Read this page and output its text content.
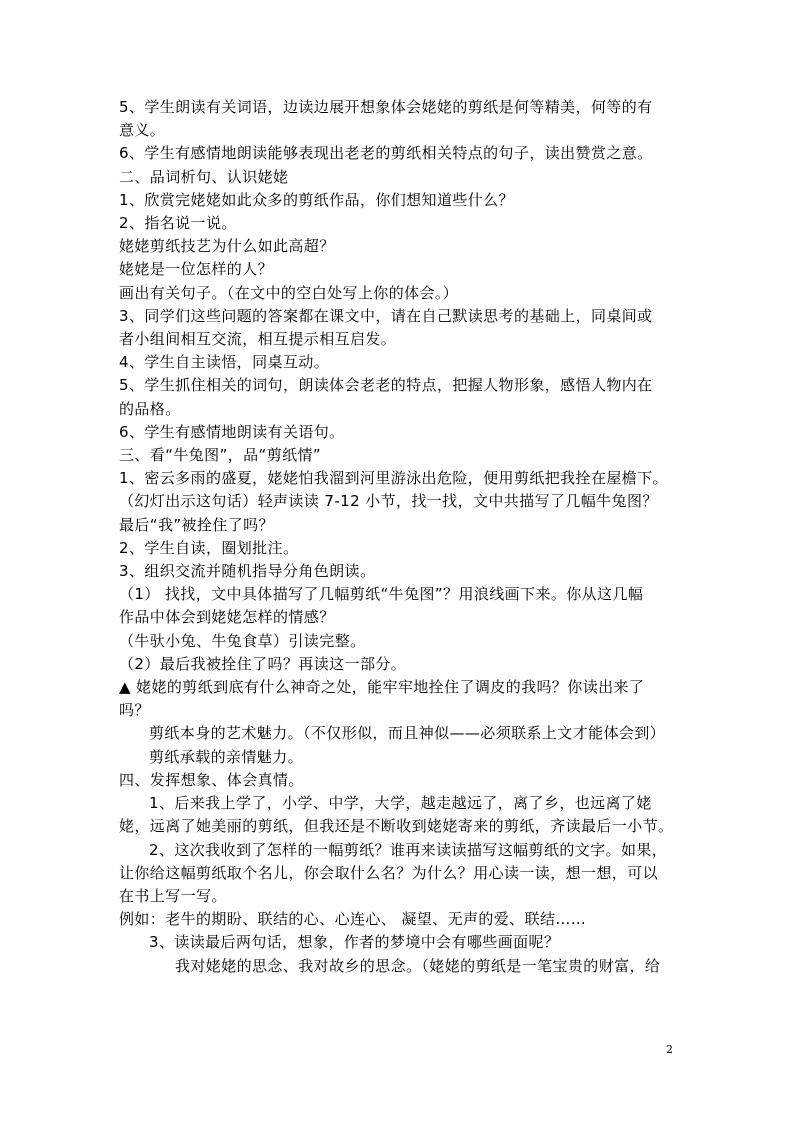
5、学生朗读有关词语，边读边展开想象体会姥姥的剪纸是何等精美，何等的有

意义。

6、学生有感情地朗读能够表现出老老的剪纸相关特点的句子，读出赞赏之意。

二、品词析句、认识姥姥

1、欣赏完姥姥如此众多的剪纸作品，你们想知道些什么？

2、指名说一说。

姥姥剪纸技艺为什么如此高超？

姥姥是一位怎样的人？

画出有关句子。（在文中的空白处写上你的体会。）

3、同学们这些问题的答案都在课文中，请在自己默读思考的基础上，同桌间或

者小组间相互交流，相互提示相互启发。

4、学生自主读悟，同桌互动。

5、学生抓住相关的词句，朗读体会老老的特点，把握人物形象，感悟人物内在

的品格。

6、学生有感情地朗读有关语句。

三、看“牛兔图”，品“剪纸情”

1、密云多雨的盛夏，姥姥怕我溜到河里游泳出危险，便用剪纸把我拴在屋檐下。

（幻灯出示这句话）轻声读读 7-12 小节，找一找，文中共描写了几幅牛兔图？

最后“我”被拴住了吗？

2、学生自读，圈划批注。

3、组织交流并随机指导分角色朗读。

（1） 找找，文中具体描写了几幅剪纸“牛兔图”？用浪线画下来。你从这几幅

作品中体会到姥姥怎样的情感？

（牛驮小兔、牛兔食草）引读完整。

（2）最后我被拴住了吗？再读这一部分。

▲ 姥姥的剪纸到底有什么神奇之处，能牢牢地拴住了调皮的我吗？你读出来了

吗？

剪纸本身的艺术魅力。（不仅形似，而且神似——必须联系上文才能体会到）

剪纸承载的亲情魅力。

四、发挥想象、体会真情。

1、后来我上学了，小学、中学，大学，越走越远了，离了乡，也远离了姥

姥，远离了她美丽的剪纸，但我还是不断收到姥姥寄来的剪纸，齐读最后一小节。

2、这次我收到了怎样的一幅剪纸？谁再来读读描写这幅剪纸的文字。如果，

让你给这幅剪纸取个名儿，你会取什么名？为什么？用心读一读，想一想，可以

在书上写一写。

例如：老牛的期盼、联结的心、心连心、 凝望、无声的爱、联结……

3、读读最后两句话，想象，作者的梦境中会有哪些画面呢？

我对姥姥的思念、我对故乡的思念。（姥姥的剪纸是一笔宝贵的财富，给

2
